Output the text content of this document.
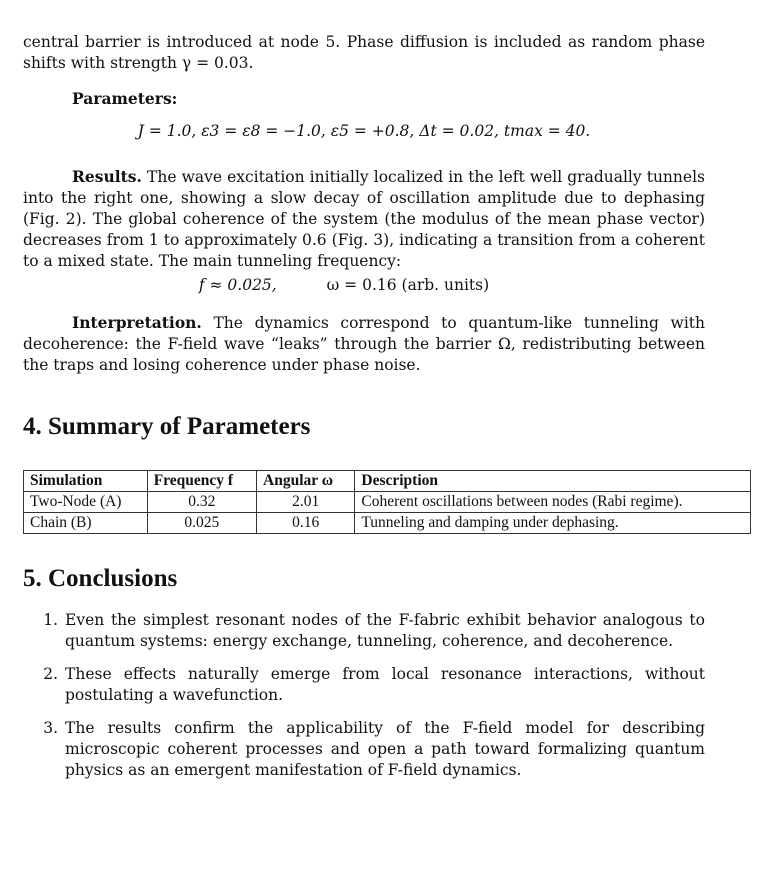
central barrier is introduced at node 5. Phase diffusion is included as random phase shifts with strength γ = 0.03.

Parameters:

J = 1.0, ε3 = ε8 = −1.0, ε5 = +0.8, Δt = 0.02, tmax = 40.

Results. The wave excitation initially localized in the left well gradually tunnels into the right one, showing a slow decay of oscillation amplitude due to dephasing (Fig. 2). The global coherence of the system (the modulus of the mean phase vector) decreases from 1 to approximately 0.6 (Fig. 3), indicating a transition from a coherent to a mixed state. The main tunneling frequency:

f ≈ 0.025,	ω = 0.16 (arb. units)

Interpretation. The dynamics correspond to quantum-like tunneling with decoherence: the F-field wave “leaks” through the barrier Ω, redistributing between the traps and losing coherence under phase noise.

4. Summary of Parameters
Simulation	Frequency f	Angular ω	Description
Two-Node (A)	0.32	2.01	Coherent oscillations between nodes (Rabi regime).
Chain (B)	0.025	0.16	Tunneling and damping under dephasing.
5. Conclusions
1. Even the simplest resonant nodes of the F-fabric exhibit behavior analogous to quantum systems: energy exchange, tunneling, coherence, and decoherence.
2. These effects naturally emerge from local resonance interactions, without postulating a wavefunction.
3. The results confirm the applicability of the F-field model for describing microscopic coherent processes and open a path toward formalizing quantum physics as an emergent manifestation of F-field dynamics.
